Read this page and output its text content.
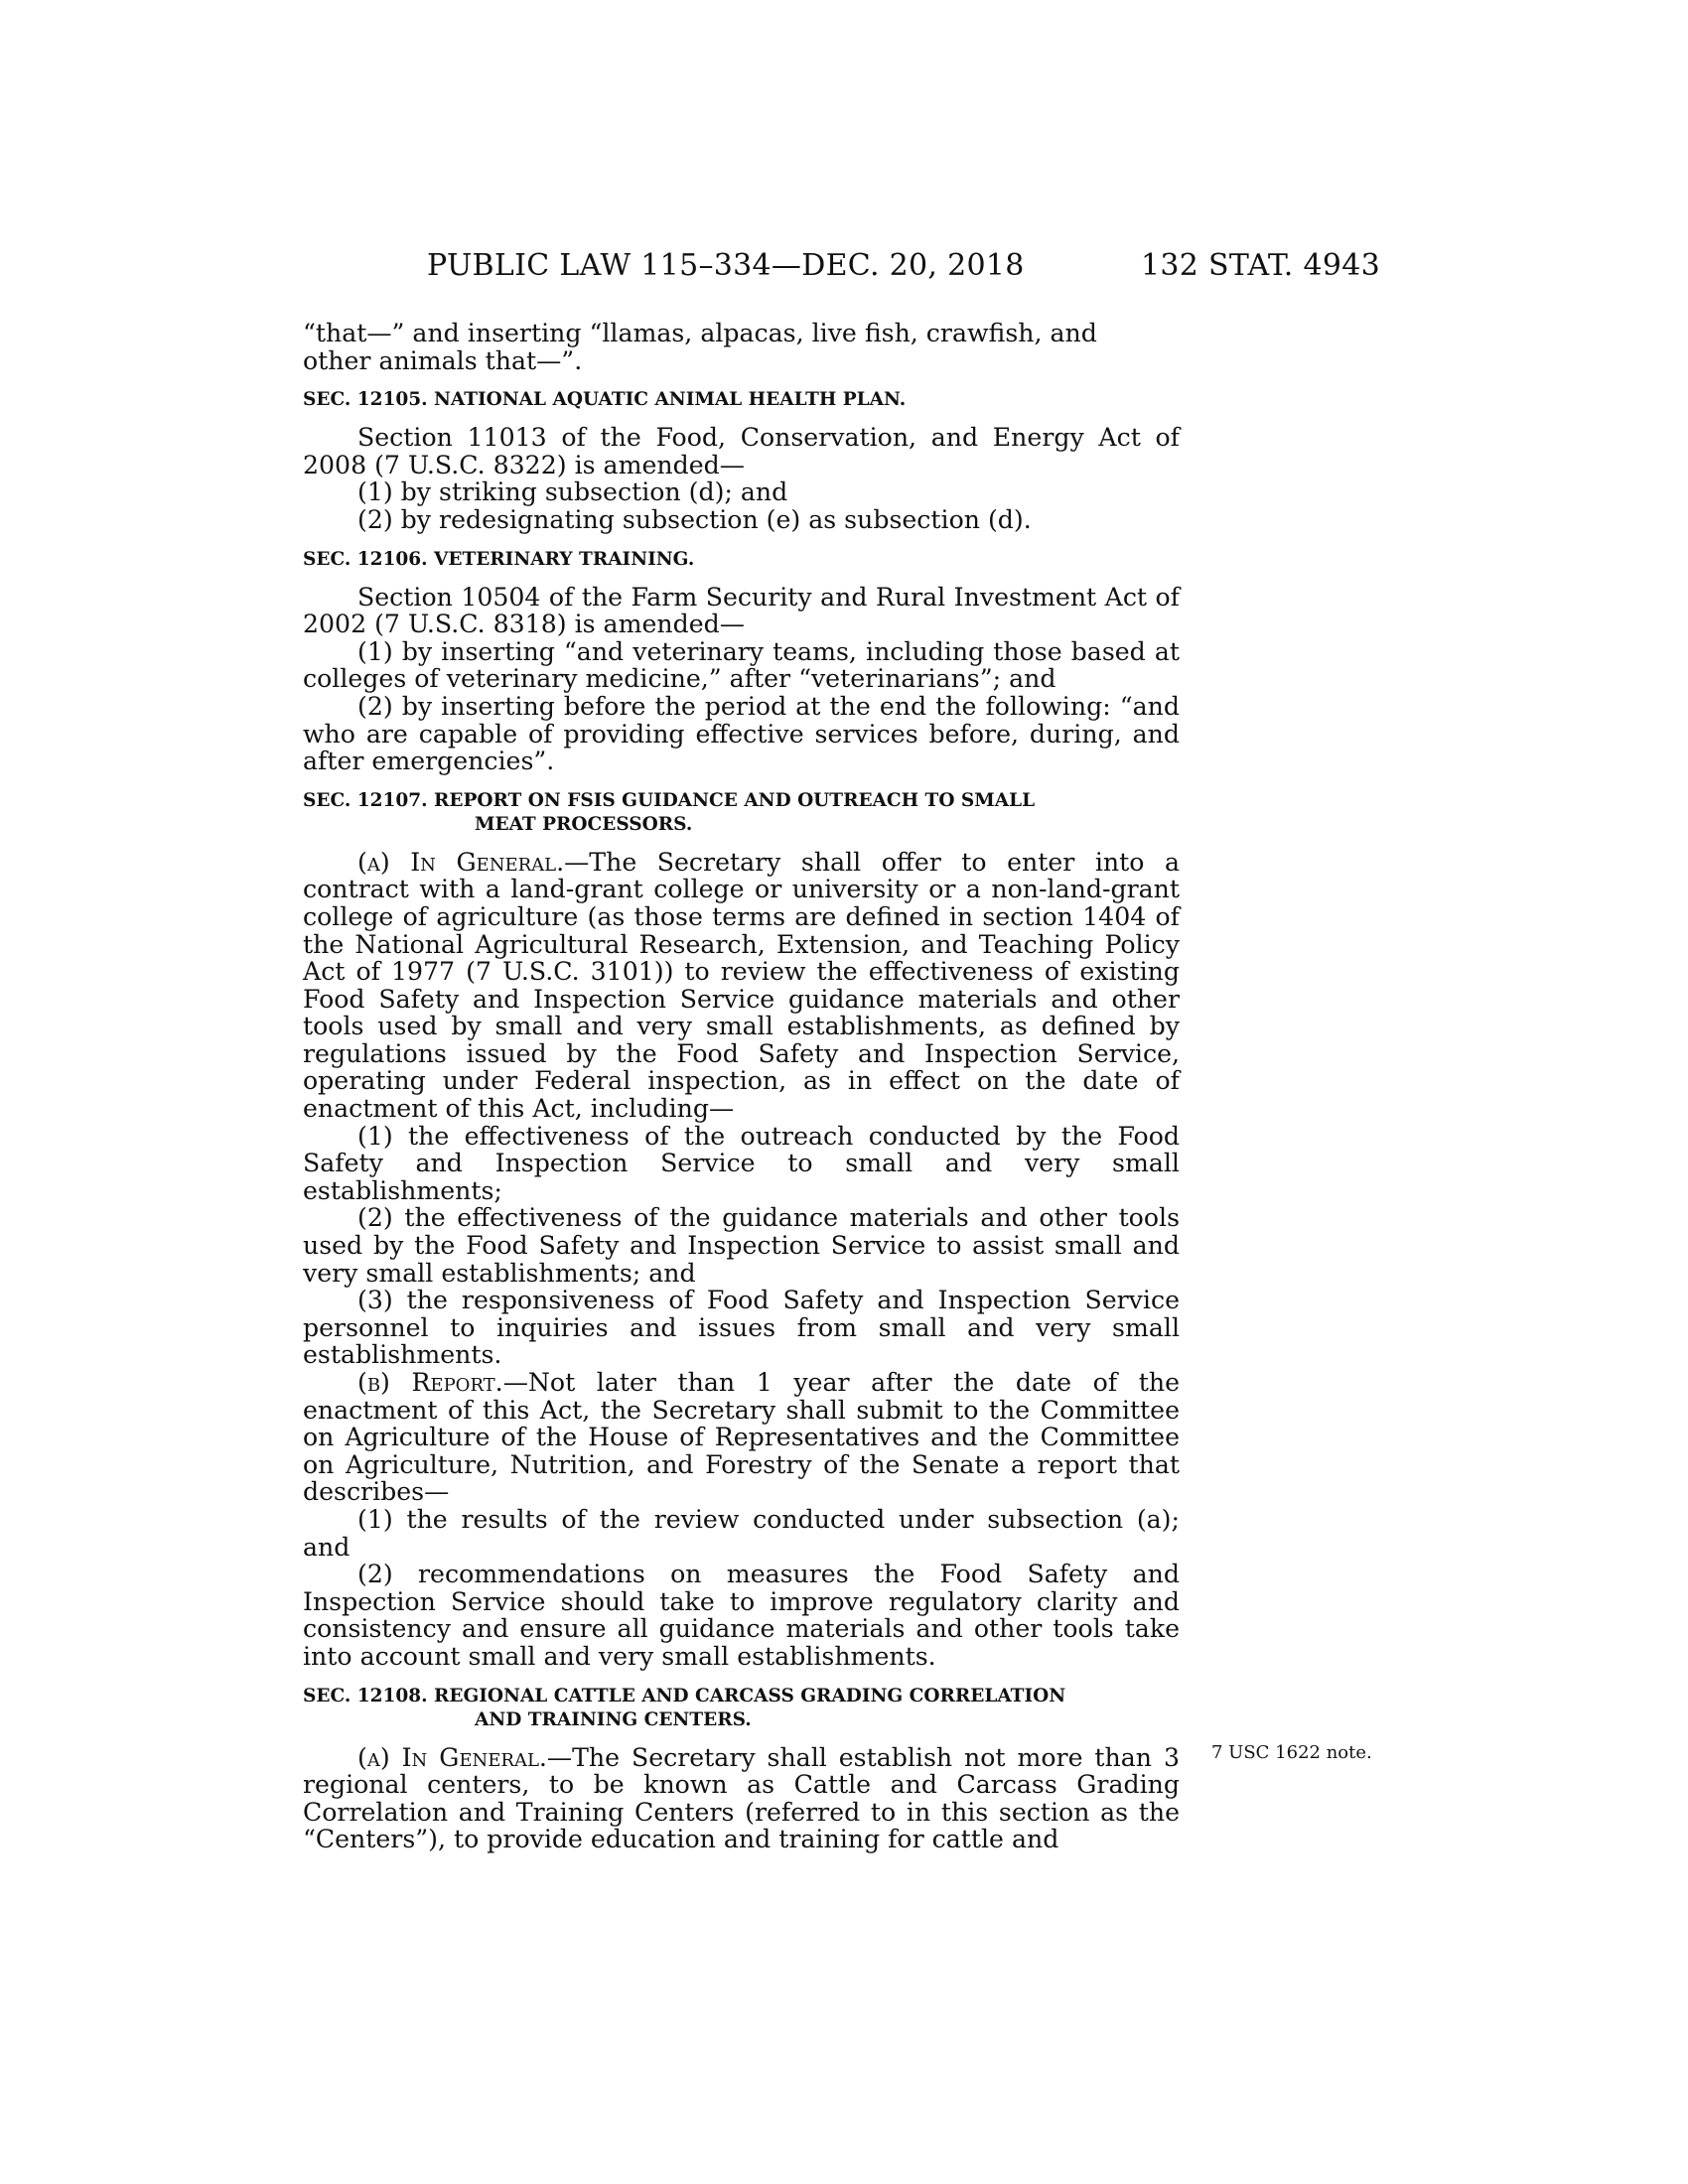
PUBLIC LAW 115–334—DEC. 20, 2018	132 STAT. 4943
7 USC 1622 note.

“that—” and inserting “llamas, alpacas, live fish, crawfish, and
other animals that—”.

SEC. 12105. NATIONAL AQUATIC ANIMAL HEALTH PLAN.

Section 11013 of the Food, Conservation, and Energy Act of 2008 (7 U.S.C. 8322) is amended—

(1) by striking subsection (d); and

(2) by redesignating subsection (e) as subsection (d).

SEC. 12106. VETERINARY TRAINING.

Section 10504 of the Farm Security and Rural Investment Act of 2002 (7 U.S.C. 8318) is amended—

(1) by inserting “and veterinary teams, including those based at colleges of veterinary medicine,” after “veterinarians”; and

(2) by inserting before the period at the end the following: “and who are capable of providing effective services before, during, and after emergencies”.

SEC. 12107. REPORT ON FSIS GUIDANCE AND OUTREACH TO SMALL
MEAT PROCESSORS.

(a) In General.—The Secretary shall offer to enter into a contract with a land-grant college or university or a non-land-grant college of agriculture (as those terms are defined in section 1404 of the National Agricultural Research, Extension, and Teaching Policy Act of 1977 (7 U.S.C. 3101)) to review the effectiveness of existing Food Safety and Inspection Service guidance materials and other tools used by small and very small establishments, as defined by regulations issued by the Food Safety and Inspection Service, operating under Federal inspection, as in effect on the date of enactment of this Act, including—

(1) the effectiveness of the outreach conducted by the Food Safety and Inspection Service to small and very small establishments;

(2) the effectiveness of the guidance materials and other tools used by the Food Safety and Inspection Service to assist small and very small establishments; and

(3) the responsiveness of Food Safety and Inspection Service personnel to inquiries and issues from small and very small establishments.

(b) Report.—Not later than 1 year after the date of the enactment of this Act, the Secretary shall submit to the Committee on Agriculture of the House of Representatives and the Committee on Agriculture, Nutrition, and Forestry of the Senate a report that describes—

(1) the results of the review conducted under subsection (a); and

(2) recommendations on measures the Food Safety and Inspection Service should take to improve regulatory clarity and consistency and ensure all guidance materials and other tools take into account small and very small establishments.

SEC. 12108. REGIONAL CATTLE AND CARCASS GRADING CORRELATION
AND TRAINING CENTERS.

(a) In General.—The Secretary shall establish not more than 3 regional centers, to be known as Cattle and Carcass Grading Correlation and Training Centers (referred to in this section as the “Centers”), to provide education and training for cattle and
